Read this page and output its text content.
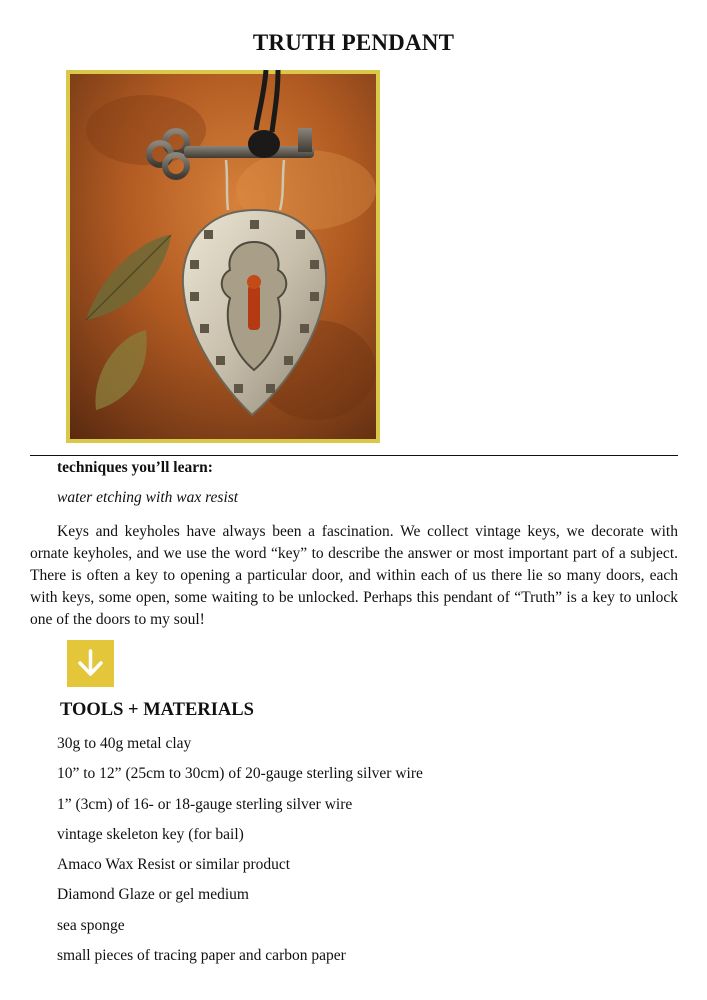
TRUTH PENDANT
techniques you’ll learn:
water etching with wax resist

Keys and keyholes have always been a fascination. We collect vintage keys, we decorate with ornate keyholes, and we use the word “key” to describe the answer or most important part of a subject. There is often a key to opening a particular door, and within each of us there lie so many doors, each with keys, some open, some waiting to be unlocked. Perhaps this pendant of “Truth” is a key to unlock one of the doors to my soul!

TOOLS + MATERIALS
30g to 40g metal clay
10” to 12” (25cm to 30cm) of 20-gauge sterling silver wire
1” (3cm) of 16- or 18-gauge sterling silver wire
vintage skeleton key (for bail)
Amaco Wax Resist or similar product
Diamond Glaze or gel medium
sea sponge
small pieces of tracing paper and carbon paper
